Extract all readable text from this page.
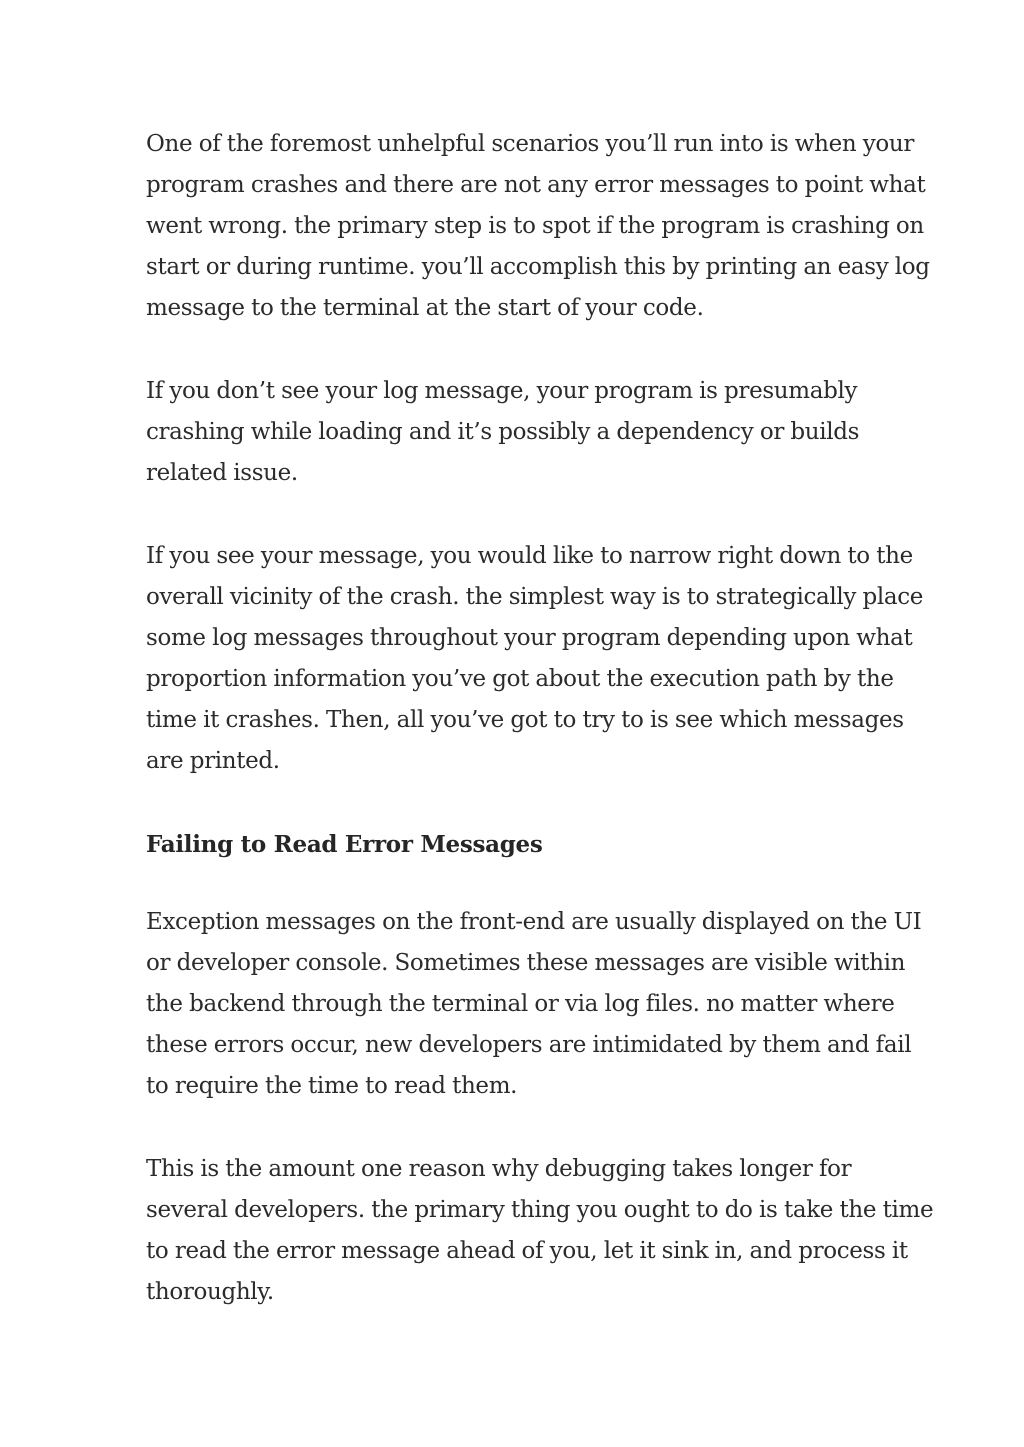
One of the foremost unhelpful scenarios you’ll run into is when your program crashes and there are not any error messages to point what went wrong. the primary step is to spot if the program is crashing on start or during runtime. you’ll accomplish this by printing an easy log message to the terminal at the start of your code.

If you don’t see your log message, your program is presumably crashing while loading and it’s possibly a dependency or builds related issue.

If you see your message, you would like to narrow right down to the overall vicinity of the crash. the simplest way is to strategically place some log messages throughout your program depending upon what proportion information you’ve got about the execution path by the time it crashes. Then, all you’ve got to try to is see which messages are printed.

Failing to Read Error Messages

Exception messages on the front-end are usually displayed on the UI or developer console. Sometimes these messages are visible within the backend through the terminal or via log files. no matter where these errors occur, new developers are intimidated by them and fail to require the time to read them.

This is the amount one reason why debugging takes longer for several developers. the primary thing you ought to do is take the time to read the error message ahead of you, let it sink in, and process it thoroughly.
